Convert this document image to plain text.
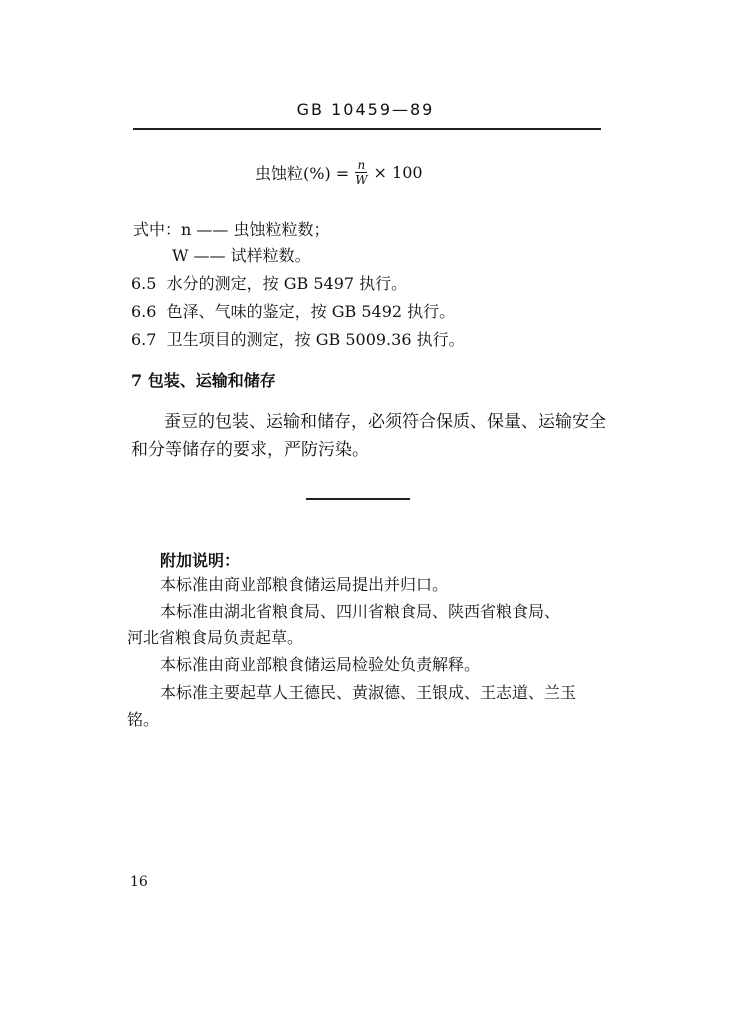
GB 10459—89
虫蚀粒(%) = $\frac{n}{W} \times 100$
式中：n —— 虫蚀粒粒数；
W —— 试样粒数。
6.5 水分的测定，按 GB 5497 执行。
6.6 色泽、气味的鉴定，按 GB 5492 执行。
6.7 卫生项目的测定，按 GB 5009.36 执行。
7 包装、运输和储存
蚕豆的包装、运输和储存，必须符合保质、保量、运输安全
和分等储存的要求，严防污染。
附加说明：
本标准由商业部粮食储运局提出并归口。
本标准由湖北省粮食局、四川省粮食局、陕西省粮食局、
河北省粮食局负责起草。
本标准由商业部粮食储运局检验处负责解释。
本标准主要起草人王德民、黄淑德、王银成、王志道、兰玉
铭。
16
